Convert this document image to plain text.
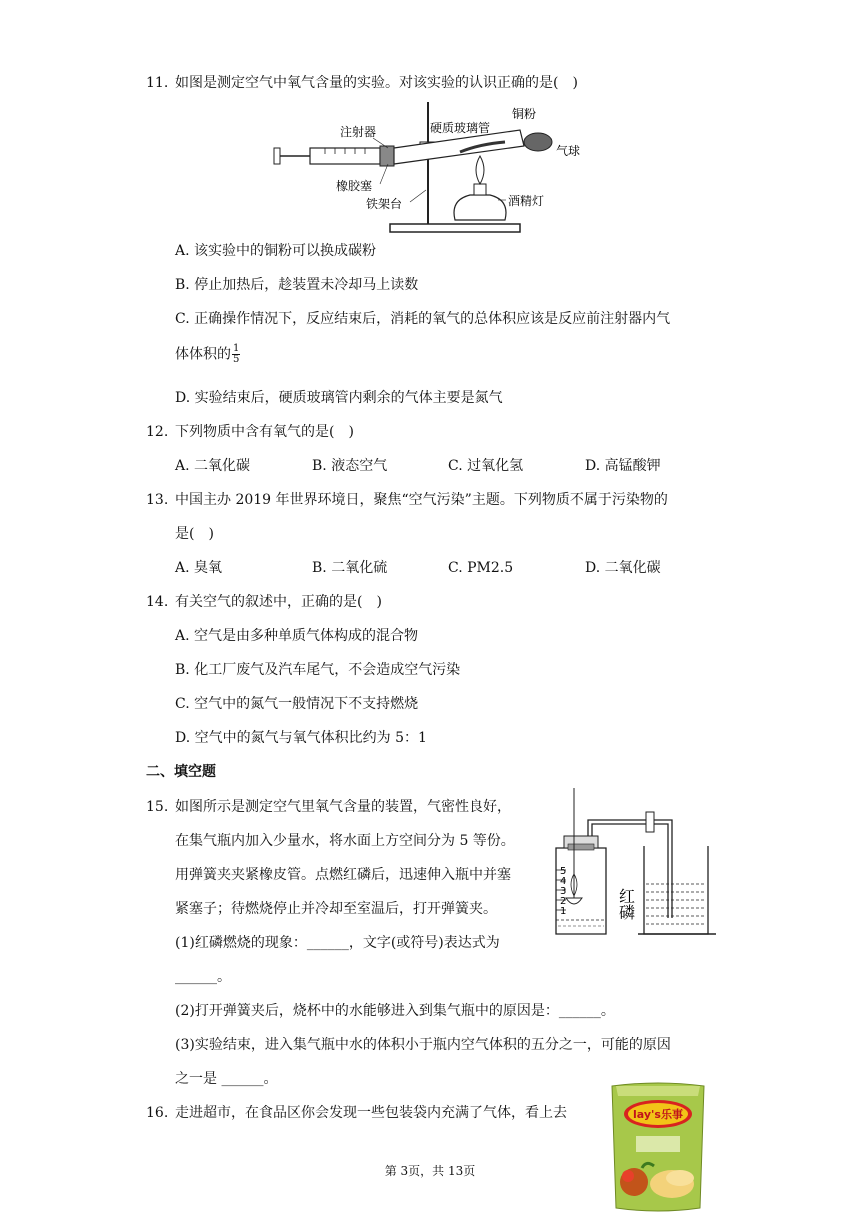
11. 如图是测定空气中氧气含量的实验。对该实验的认识正确的是(　)
注射器	硬质玻璃管
铜粉
气球
橡胶塞
铁架台	酒精灯
A. 该实验中的铜粉可以换成碳粉
B. 停止加热后，趁装置未冷却马上读数
C. 正确操作情况下，反应结束后，消耗的氧气的总体积应该是反应前注射器内气
体体积的 $\frac{1}{5}$
D. 实验结束后，硬质玻璃管内剩余的气体主要是氮气
12. 下列物质中含有氧气的是(　)
A. 二氧化碳	B. 液态空气	C. 过氧化氢	D. 高锰酸钾
13. 中国主办 2019 年世界环境日，聚焦“空气污染”主题。下列物质不属于污染物的
是(　)
A. 臭氧	B. 二氧化硫	C. PM2.5	D. 二氧化碳
14. 有关空气的叙述中，正确的是(　)
A. 空气是由多种单质气体构成的混合物
B. 化工厂废气及汽车尾气，不会造成空气污染
C. 空气中的氮气一般情况下不支持燃烧
D. 空气中的氮气与氧气体积比约为 5：1
二、填空题
15. 如图所示是测定空气里氧气含量的装置，气密性良好，
在集气瓶内加入少量水，将水面上方空间分为 5 等份。
用弹簧夹夹紧橡皮管。点燃红磷后，迅速伸入瓶中并塞
紧塞子；待燃烧停止并冷却至室温后，打开弹簧夹。
(1)红磷燃烧的现象：______，文字(或符号)表达式为
______。
(2)打开弹簧夹后，烧杯中的水能够进入到集气瓶中的原因是：______。
(3)实验结束，进入集气瓶中水的体积小于瓶内空气体积的五分之一，可能的原因
之一是 ______。
5
4
3
2
1	红磷
16. 走进超市，在食品区你会发现一些包装袋内充满了气体，看上去	lay's乐事
第 3页，共 13页
